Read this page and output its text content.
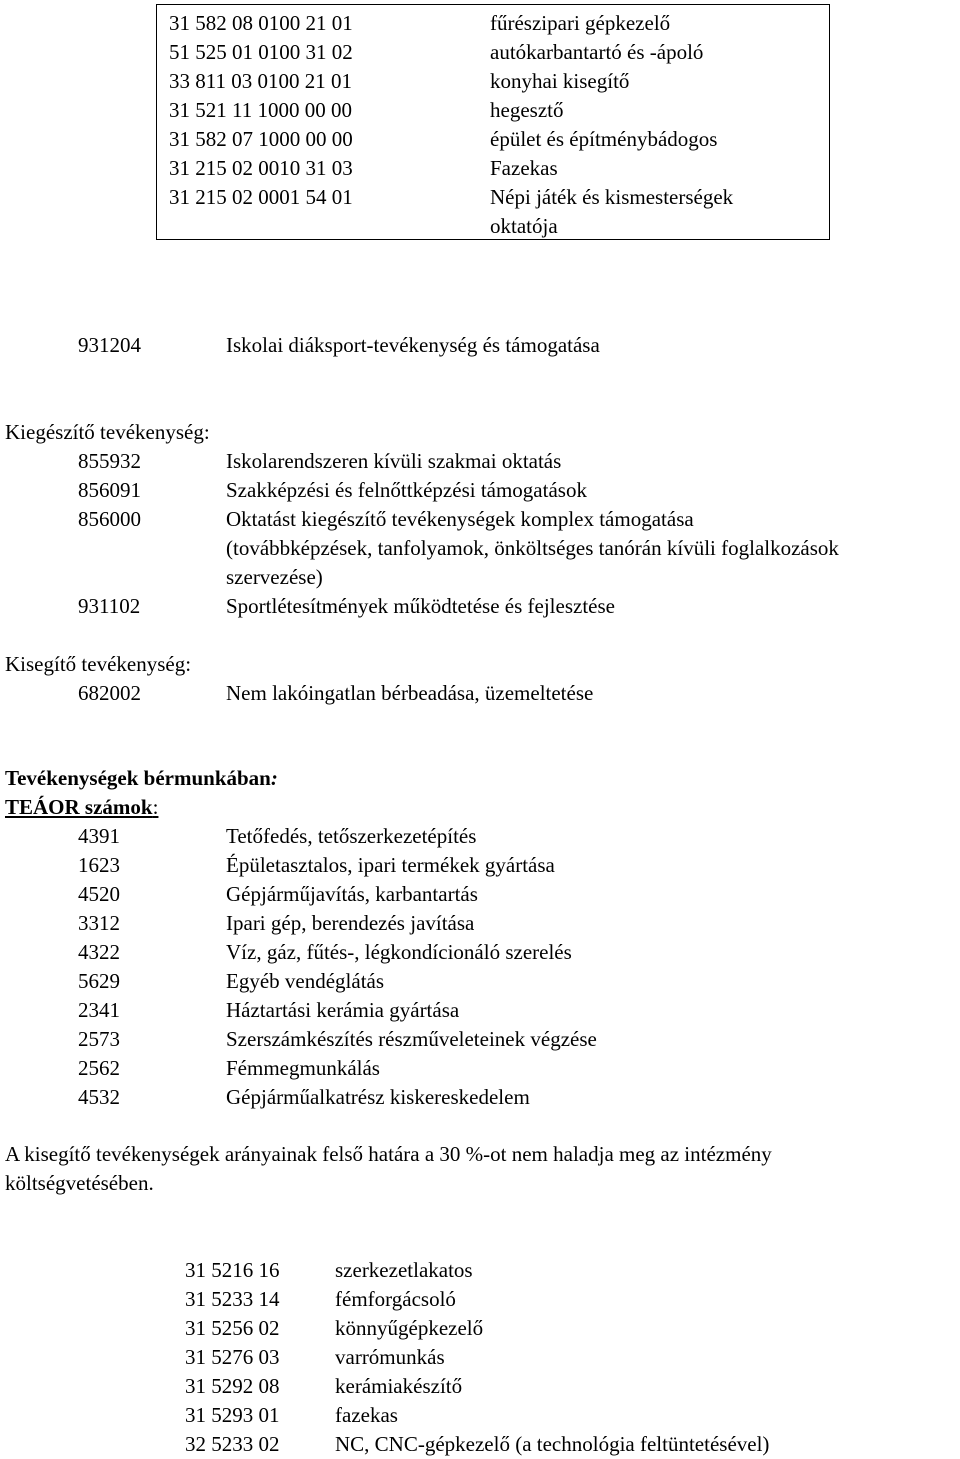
31 582 08 0100 21 01	fűrészipari gépkezelő
51 525 01 0100 31 02	autókarbantartó és -ápoló
33 811 03 0100 21 01	konyhai kisegítő
31 521 11 1000 00 00	hegesztő
31 582 07 1000 00 00	épület és építménybádogos
31 215 02 0010 31 03	Fazekas
31 215 02 0001 54 01	Népi játék és kismesterségek
oktatója
931204	Iskolai diáksport-tevékenység és támogatása
Kiegészítő tevékenység:
855932	Iskolarendszeren kívüli szakmai oktatás
856091	Szakképzési és felnőttképzési támogatások
856000	Oktatást kiegészítő tevékenységek komplex támogatása
(továbbképzések, tanfolyamok, önköltséges tanórán kívüli foglalkozások
szervezése)
931102	Sportlétesítmények működtetése és fejlesztése
Kisegítő tevékenység:
682002	Nem lakóingatlan bérbeadása, üzemeltetése
Tevékenységek bérmunkában:
TEÁOR számok:
4391	Tetőfedés, tetőszerkezetépítés
1623	Épületasztalos, ipari termékek gyártása
4520	Gépjárműjavítás, karbantartás
3312	Ipari gép, berendezés javítása
4322	Víz, gáz, fűtés-, légkondícionáló szerelés
5629	Egyéb vendéglátás
2341	Háztartási kerámia gyártása
2573	Szerszámkészítés részműveleteinek végzése
2562	Fémmegmunkálás
4532	Gépjárműalkatrész kiskereskedelem
A kisegítő tevékenységek arányainak felső határa a 30 %-ot nem haladja meg az intézmény
költségvetésében.
31 5216 16	szerkezetlakatos
31 5233 14	fémforgácsoló
31 5256 02	könnyűgépkezelő
31 5276 03	varrómunkás
31 5292 08	kerámiakészítő
31 5293 01	fazekas
32 5233 02	NC, CNC-gépkezelő (a technológia feltüntetésével)
